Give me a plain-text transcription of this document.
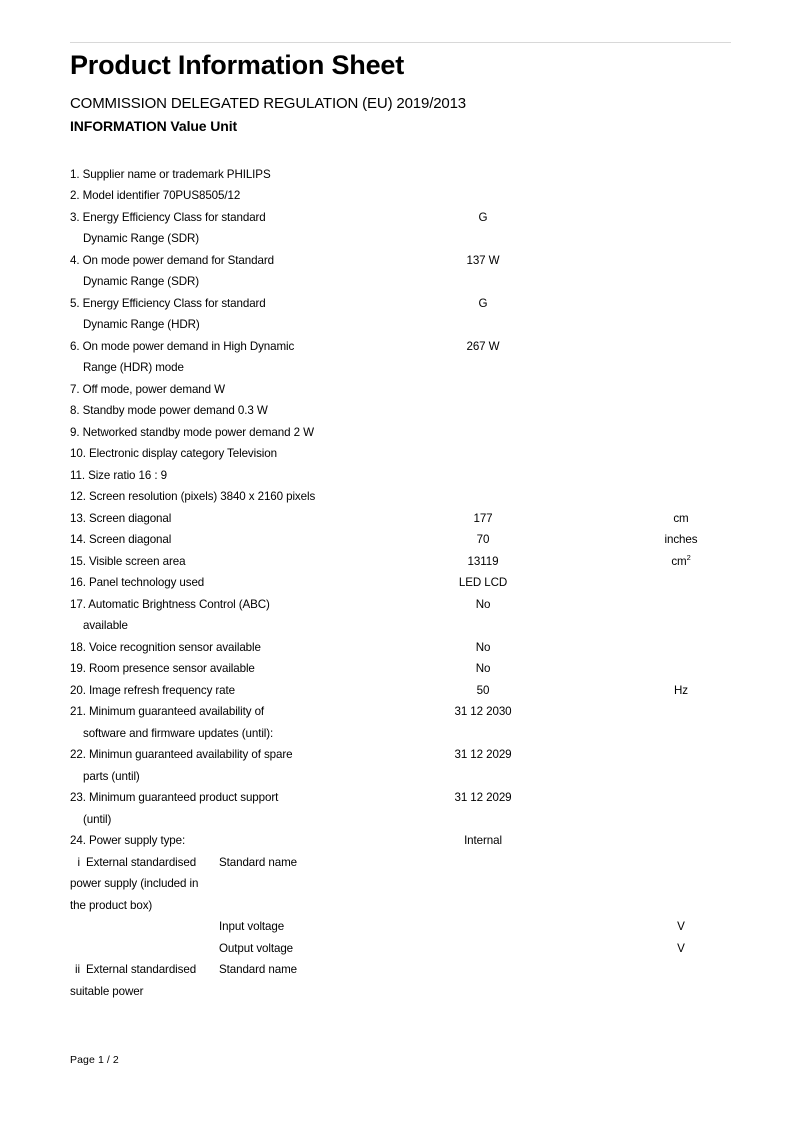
Product Information Sheet
COMMISSION DELEGATED REGULATION (EU) 2019/2013
INFORMATION Value Unit		

1. Supplier name or trademark PHILIPS		

2. Model identifier 70PUS8505/12		

3. Energy Efficiency Class for standard
Dynamic Range (SDR)	G	

4. On mode power demand for Standard
Dynamic Range (SDR)	137 W	

5. Energy Efficiency Class for standard
Dynamic Range (HDR)	G	

6. On mode power demand in High Dynamic
Range (HDR) mode	267 W	

7. Off mode, power demand W		

8. Standby mode power demand 0.3 W		

9. Networked standby mode power demand 2 W		

10. Electronic display category Television		

11. Size ratio 16 : 9		

12. Screen resolution (pixels) 3840 x 2160 pixels		

13. Screen diagonal	177	cm

14. Screen diagonal	70	inches

15. Visible screen area	13119	$cm^2$

16. Panel technology used	LED LCD	

17. Automatic Brightness Control (ABC)
available	No	

18. Voice recognition sensor available	No	

19. Room presence sensor available	No	

20. Image refresh frequency rate	50	Hz

21. Minimum guaranteed availability of
software and firmware updates (until):	31 12 2030	

22. Minimun guaranteed availability of spare
parts (until)	31 12 2029	

23. Minimum guaranteed product support
(until)	31 12 2029	

24. Power supply type:	Internal	
i External standardised power supply (included in the product box)	Standard name		
	Input voltage		V
	Output voltage		V
ii External standardised suitable power	Standard name		
Page 1 / 2
